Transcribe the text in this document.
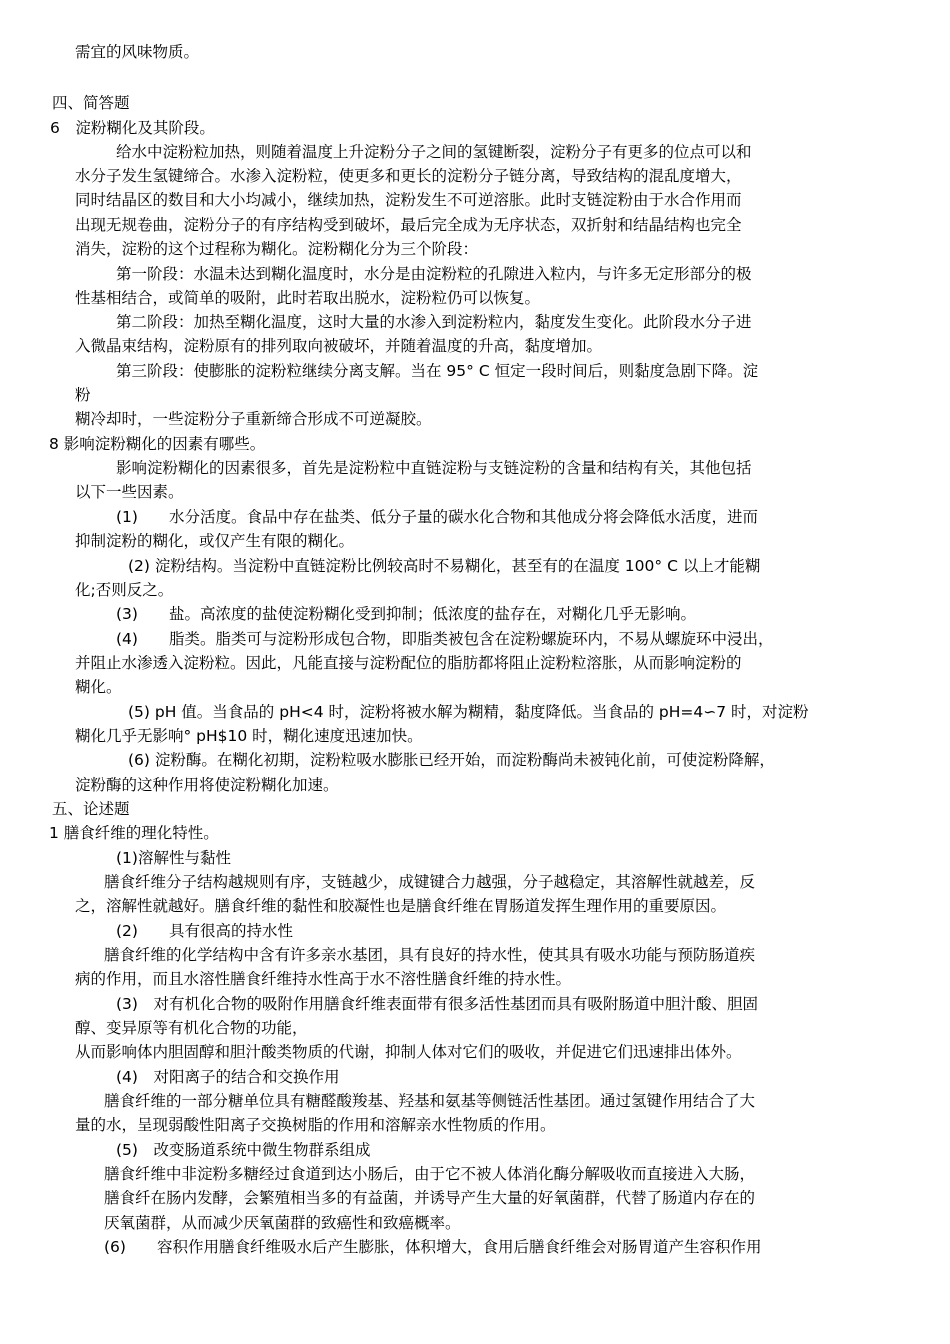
需宜的风味物质。

四、简答题

6　淀粉糊化及其阶段。

给水中淀粉粒加热，则随着温度上升淀粉分子之间的氢键断裂，淀粉分子有更多的位点可以和

水分子发生氢键缔合。水渗入淀粉粒，使更多和更长的淀粉分子链分离，导致结构的混乱度增大，

同时结晶区的数目和大小均减小，继续加热，淀粉发生不可逆溶胀。此时支链淀粉由于水合作用而

出现无规卷曲，淀粉分子的有序结构受到破坏，最后完全成为无序状态，双折射和结晶结构也完全

消失，淀粉的这个过程称为糊化。淀粉糊化分为三个阶段：

第一阶段：水温未达到糊化温度时，水分是由淀粉粒的孔隙进入粒内，与许多无定形部分的极

性基相结合，或简单的吸附，此时若取出脱水，淀粉粒仍可以恢复。

第二阶段：加热至糊化温度，这时大量的水渗入到淀粉粒内，黏度发生变化。此阶段水分子进

入微晶束结构，淀粉原有的排列取向被破坏，并随着温度的升高，黏度增加。

第三阶段：使膨胀的淀粉粒继续分离支解。当在 95° C 恒定一段时间后，则黏度急剧下降。淀

粉

糊冷却时，一些淀粉分子重新缔合形成不可逆凝胶。

8 影响淀粉糊化的因素有哪些。

影响淀粉糊化的因素很多，首先是淀粉粒中直链淀粉与支链淀粉的含量和结构有关，其他包括

以下一些因素。

(1)　　水分活度。食品中存在盐类、低分子量的碳水化合物和其他成分将会降低水活度，进而

抑制淀粉的糊化，或仅产生有限的糊化。

(2) 淀粉结构。当淀粉中直链淀粉比例较高时不易糊化，甚至有的在温度 100° C 以上才能糊

化;否则反之。

(3)　　盐。高浓度的盐使淀粉糊化受到抑制；低浓度的盐存在，对糊化几乎无影响。

(4)　　脂类。脂类可与淀粉形成包合物，即脂类被包含在淀粉螺旋环内，不易从螺旋环中浸出，

并阻止水渗透入淀粉粒。因此，凡能直接与淀粉配位的脂肪都将阻止淀粉粒溶胀，从而影响淀粉的

糊化。

(5) pH 值。当食品的 pH<4 时，淀粉将被水解为糊精，黏度降低。当食品的 pH=4∽7 时，对淀粉

糊化几乎无影响° pH$10 时，糊化速度迅速加快。

(6) 淀粉酶。在糊化初期，淀粉粒吸水膨胀已经开始，而淀粉酶尚未被钝化前，可使淀粉降解，

淀粉酶的这种作用将使淀粉糊化加速。

五、论述题

1 膳食纤维的理化特性。

(1)溶解性与黏性

膳食纤维分子结构越规则有序，支链越少，成键键合力越强，分子越稳定，其溶解性就越差，反

之，溶解性就越好。膳食纤维的黏性和胶凝性也是膳食纤维在胃肠道发挥生理作用的重要原因。

(2)　　具有很高的持水性

膳食纤维的化学结构中含有许多亲水基团，具有良好的持水性，使其具有吸水功能与预防肠道疾

病的作用，而且水溶性膳食纤维持水性高于水不溶性膳食纤维的持水性。

(3)　对有机化合物的吸附作用膳食纤维表面带有很多活性基团而具有吸附肠道中胆汁酸、胆固

醇、变异原等有机化合物的功能，

从而影响体内胆固醇和胆汁酸类物质的代谢，抑制人体对它们的吸收，并促进它们迅速排出体外。

(4)　对阳离子的结合和交换作用

膳食纤维的一部分糖单位具有糖醛酸羧基、羟基和氨基等侧链活性基团。通过氢键作用结合了大

量的水，呈现弱酸性阳离子交换树脂的作用和溶解亲水性物质的作用。

(5)　改变肠道系统中微生物群系组成

膳食纤维中非淀粉多糖经过食道到达小肠后，由于它不被人体消化酶分解吸收而直接进入大肠，

膳食纤在肠内发酵，会繁殖相当多的有益菌，并诱导产生大量的好氧菌群，代替了肠道内存在的

厌氧菌群，从而减少厌氧菌群的致癌性和致癌概率。

(6)　　容积作用膳食纤维吸水后产生膨胀，体积增大，食用后膳食纤维会对肠胃道产生容积作用
